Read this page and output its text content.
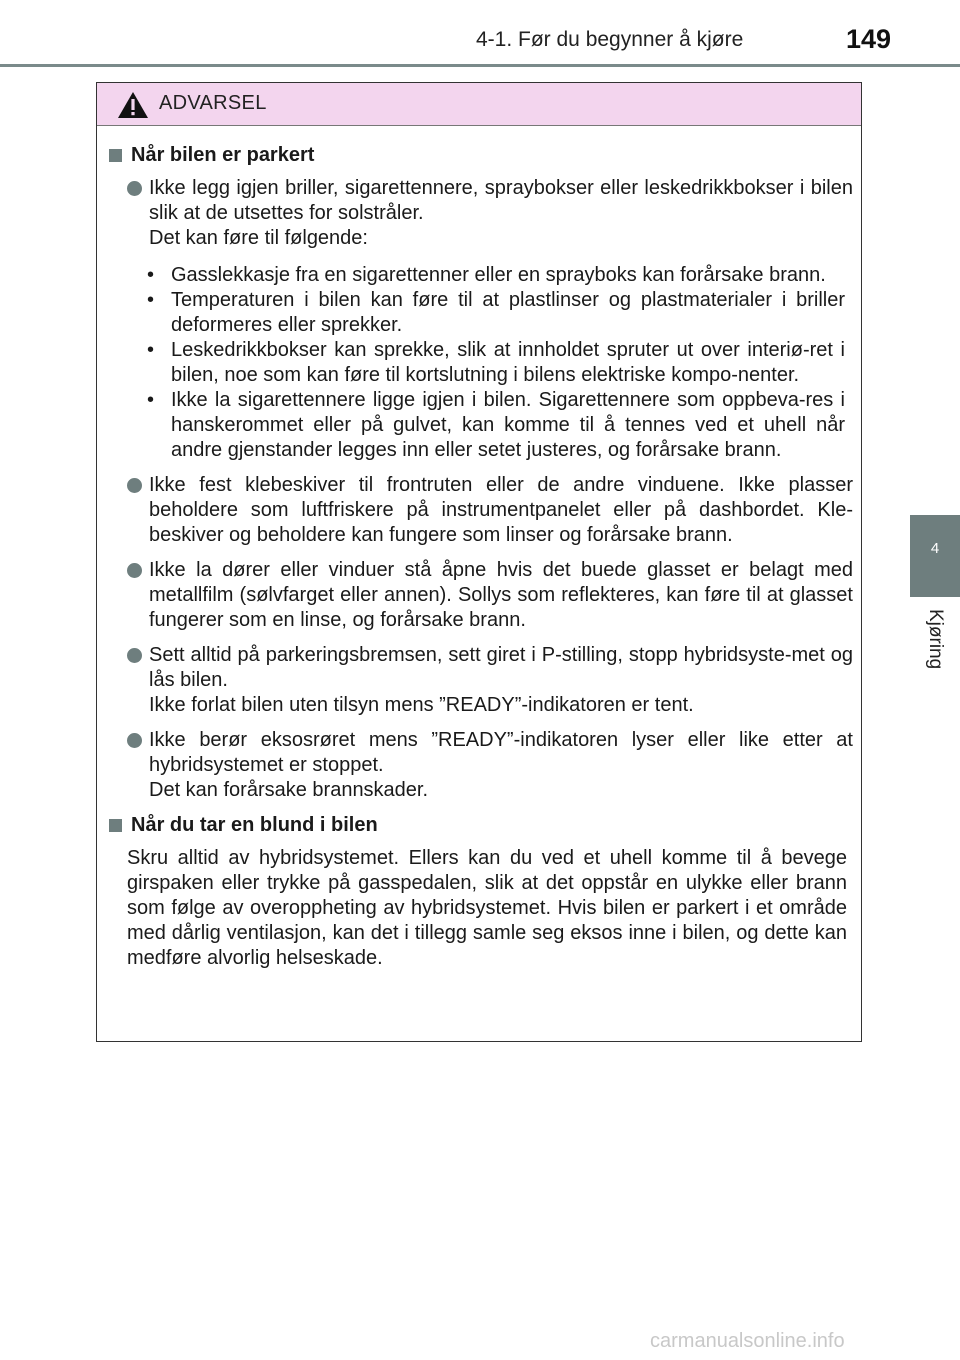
4-1. Før du begynner å kjøre	149
4
Kjøring
ADVARSEL
Når bilen er parkert

Ikke legg igjen briller, sigarettennere, spraybokser eller leskedrikkbokser i bilen slik at de utsettes for solstråler.

Det kan føre til følgende:

• Gasslekkasje fra en sigarettenner eller en sprayboks kan forårsake brann.
• Temperaturen i bilen kan føre til at plastlinser og plastmaterialer i briller deformeres eller sprekker.
• Leskedrikkbokser kan sprekke, slik at innholdet spruter ut over interiø-ret i bilen, noe som kan føre til kortslutning i bilens elektriske kompo-nenter.
• Ikke la sigarettennere ligge igjen i bilen. Sigarettennere som oppbeva-res i hanskerommet eller på gulvet, kan komme til å tennes ved et uhell når andre gjenstander legges inn eller setet justeres, og forårsake brann.

Ikke fest klebeskiver til frontruten eller de andre vinduene. Ikke plasser beholdere som luftfriskere på instrumentpanelet eller på dashbordet. Kle-beskiver og beholdere kan fungere som linser og forårsake brann.

Ikke la dører eller vinduer stå åpne hvis det buede glasset er belagt med metallfilm (sølvfarget eller annen). Sollys som reflekteres, kan føre til at glasset fungerer som en linse, og forårsake brann.

Sett alltid på parkeringsbremsen, sett giret i P-stilling, stopp hybridsyste-met og lås bilen.

Ikke forlat bilen uten tilsyn mens ”READY”-indikatoren er tent.

Ikke berør eksosrøret mens ”READY”-indikatoren lyser eller like etter at hybridsystemet er stoppet.

Det kan forårsake brannskader.

Når du tar en blund i bilen

Skru alltid av hybridsystemet. Ellers kan du ved et uhell komme til å bevege girspaken eller trykke på gasspedalen, slik at det oppstår en ulykke eller brann som følge av overoppheting av hybridsystemet. Hvis bilen er parkert i et område med dårlig ventilasjon, kan det i tillegg samle seg eksos inne i bilen, og dette kan medføre alvorlig helseskade.

carmanualsonline.info
